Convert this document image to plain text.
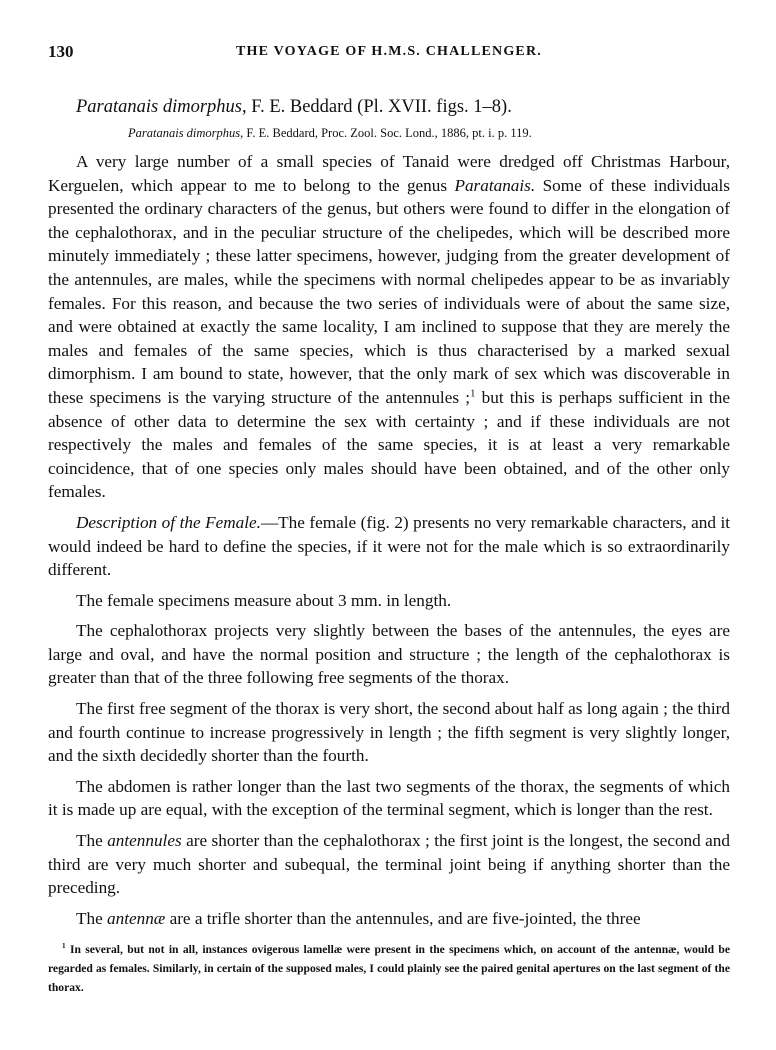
130	THE VOYAGE OF H.M.S. CHALLENGER.
Paratanais dimorphus, F. E. Beddard (Pl. XVII. figs. 1–8).
Paratanais dimorphus, F. E. Beddard, Proc. Zool. Soc. Lond., 1886, pt. i. p. 119.

A very large number of a small species of Tanaid were dredged off Christmas Harbour, Kerguelen, which appear to me to belong to the genus Paratanais. Some of these individuals presented the ordinary characters of the genus, but others were found to differ in the elongation of the cephalothorax, and in the peculiar structure of the chelipedes, which will be described more minutely immediately ; these latter specimens, however, judging from the greater development of the antennules, are males, while the specimens with normal chelipedes appear to be as invariably females. For this reason, and because the two series of individuals were of about the same size, and were obtained at exactly the same locality, I am inclined to suppose that they are merely the males and females of the same species, which is thus characterised by a marked sexual dimorphism. I am bound to state, however, that the only mark of sex which was discoverable in these specimens is the varying structure of the antennules ;$^1$ but this is perhaps sufficient in the absence of other data to determine the sex with certainty ; and if these individuals are not respectively the males and females of the same species, it is at least a very remarkable coincidence, that of one species only males should have been obtained, and of the other only females.

Description of the Female.—The female (fig. 2) presents no very remarkable characters, and it would indeed be hard to define the species, if it were not for the male which is so extraordinarily different.

The female specimens measure about 3 mm. in length.

The cephalothorax projects very slightly between the bases of the antennules, the eyes are large and oval, and have the normal position and structure ; the length of the cephalothorax is greater than that of the three following free segments of the thorax.

The first free segment of the thorax is very short, the second about half as long again ; the third and fourth continue to increase progressively in length ; the fifth segment is very slightly longer, and the sixth decidedly shorter than the fourth.

The abdomen is rather longer than the last two segments of the thorax, the segments of which it is made up are equal, with the exception of the terminal segment, which is longer than the rest.

The antennules are shorter than the cephalothorax ; the first joint is the longest, the second and third are very much shorter and subequal, the terminal joint being if anything shorter than the preceding.

The antennæ are a trifle shorter than the antennules, and are five-jointed, the three

$^1$ In several, but not in all, instances ovigerous lamellæ were present in the specimens which, on account of the antennæ, would be regarded as females. Similarly, in certain of the supposed males, I could plainly see the paired genital apertures on the last segment of the thorax.
